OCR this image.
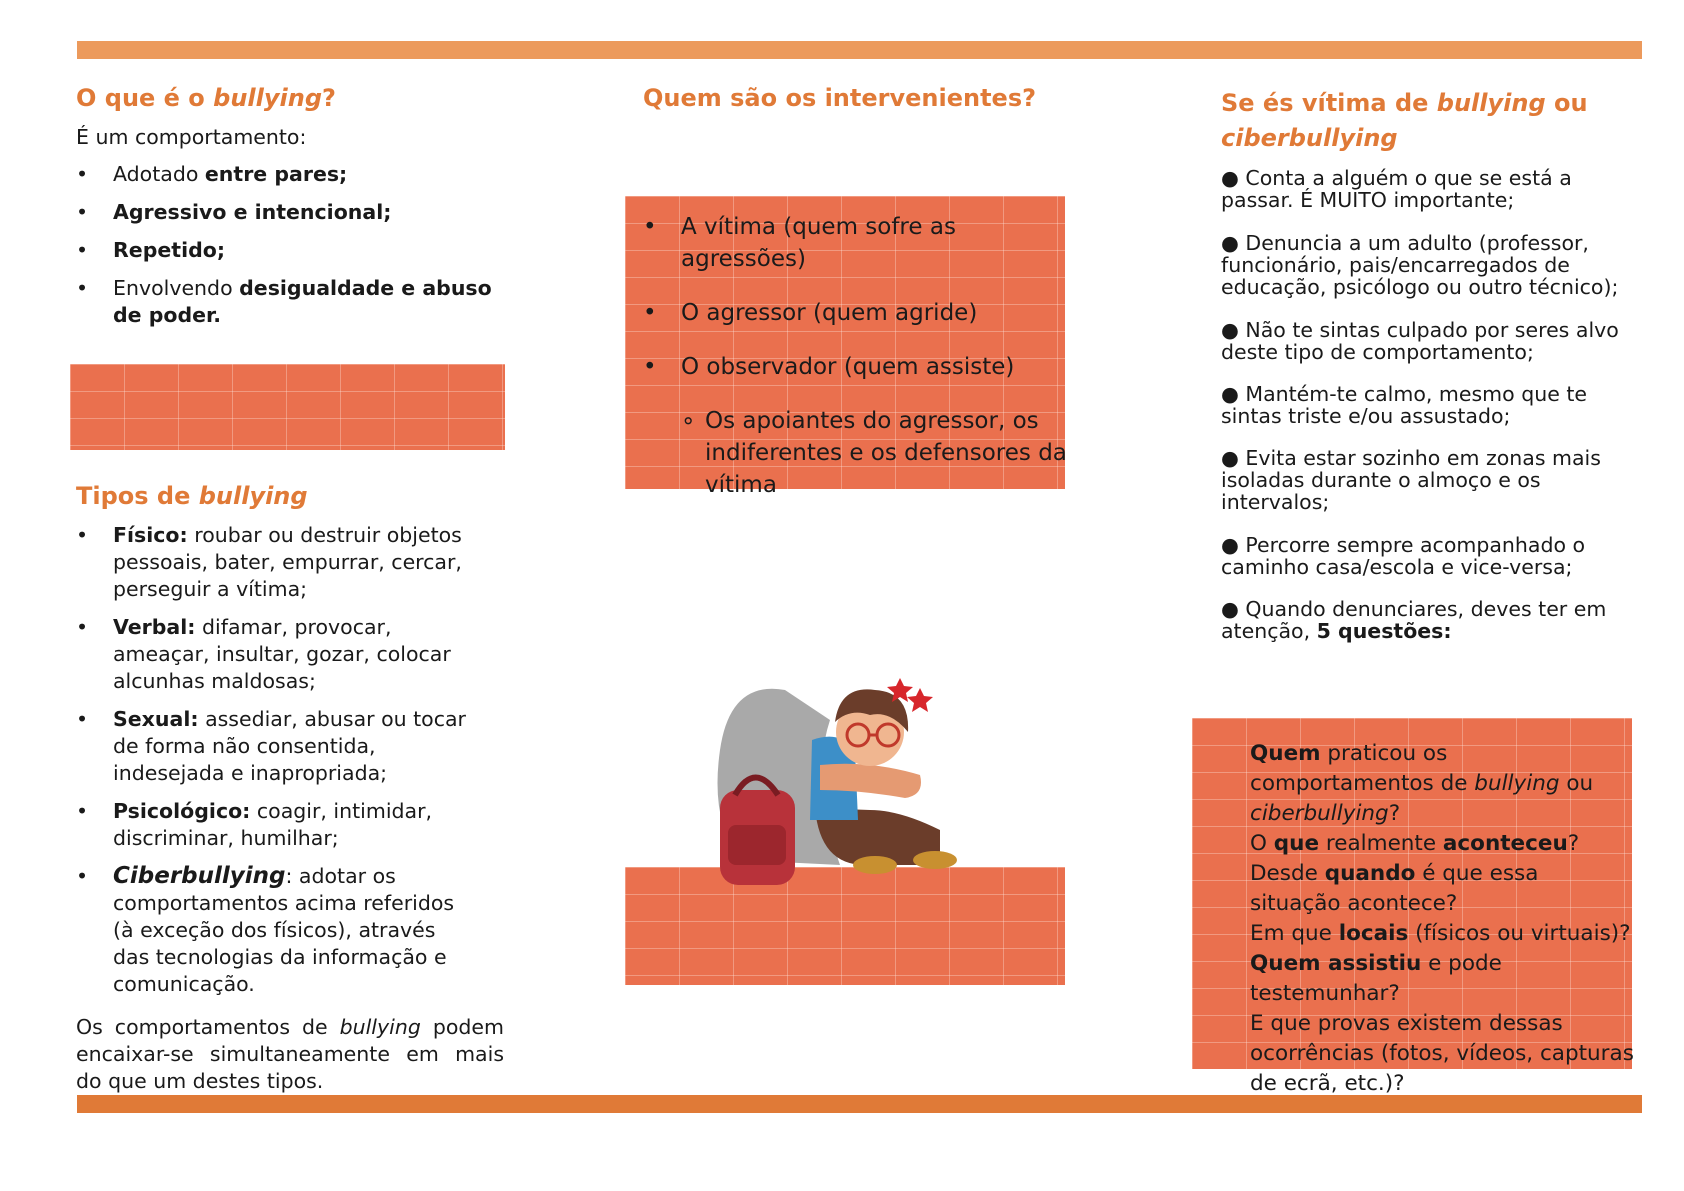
O que é o bullying?

É um comportamento:

• Adotado entre pares;
• Agressivo e intencional;
• Repetido;
• Envolvendo desigualdade e abuso de poder.
Tipos de bullying
• Físico: roubar ou destruir objetos pessoais, bater, empurrar, cercar, perseguir a vítima;
• Verbal: difamar, provocar, ameaçar, insultar, gozar, colocar alcunhas maldosas;
• Sexual: assediar, abusar ou tocar de forma não consentida, indesejada e inapropriada;
• Psicológico: coagir, intimidar, discriminar, humilhar;
• Ciberbullying: adotar os comportamentos acima referidos (à exceção dos físicos), através das tecnologias da informação e comunicação.

Os comportamentos de bullying podem encaixar-se simultaneamente em mais do que um destes tipos.

Quem são os intervenientes?
• A vítima (quem sofre as agressões)
• O agressor (quem agride)
• O observador (quem assiste)
∘ Os apoiantes do agressor, os indiferentes e os defensores da vítima
Se és vítima de bullying ou
ciberbullying

● Conta a alguém o que se está a passar. É MUITO importante;

● Denuncia a um adulto (professor, funcionário, pais/encarregados de educação, psicólogo ou outro técnico);

● Não te sintas culpado por seres alvo deste tipo de comportamento;

● Mantém-te calmo, mesmo que te sintas triste e/ou assustado;

● Evita estar sozinho em zonas mais isoladas durante o almoço e os intervalos;

● Percorre sempre acompanhado o caminho casa/escola e vice-versa;

● Quando denunciares, deves ter em atenção, 5 questões:

Quem praticou os comportamentos de bullying ou ciberbullying?
O que realmente aconteceu?
Desde quando é que essa situação acontece?
Em que locais (físicos ou virtuais)?
Quem assistiu e pode testemunhar?
E que provas existem dessas ocorrências (fotos, vídeos, capturas de ecrã, etc.)?
